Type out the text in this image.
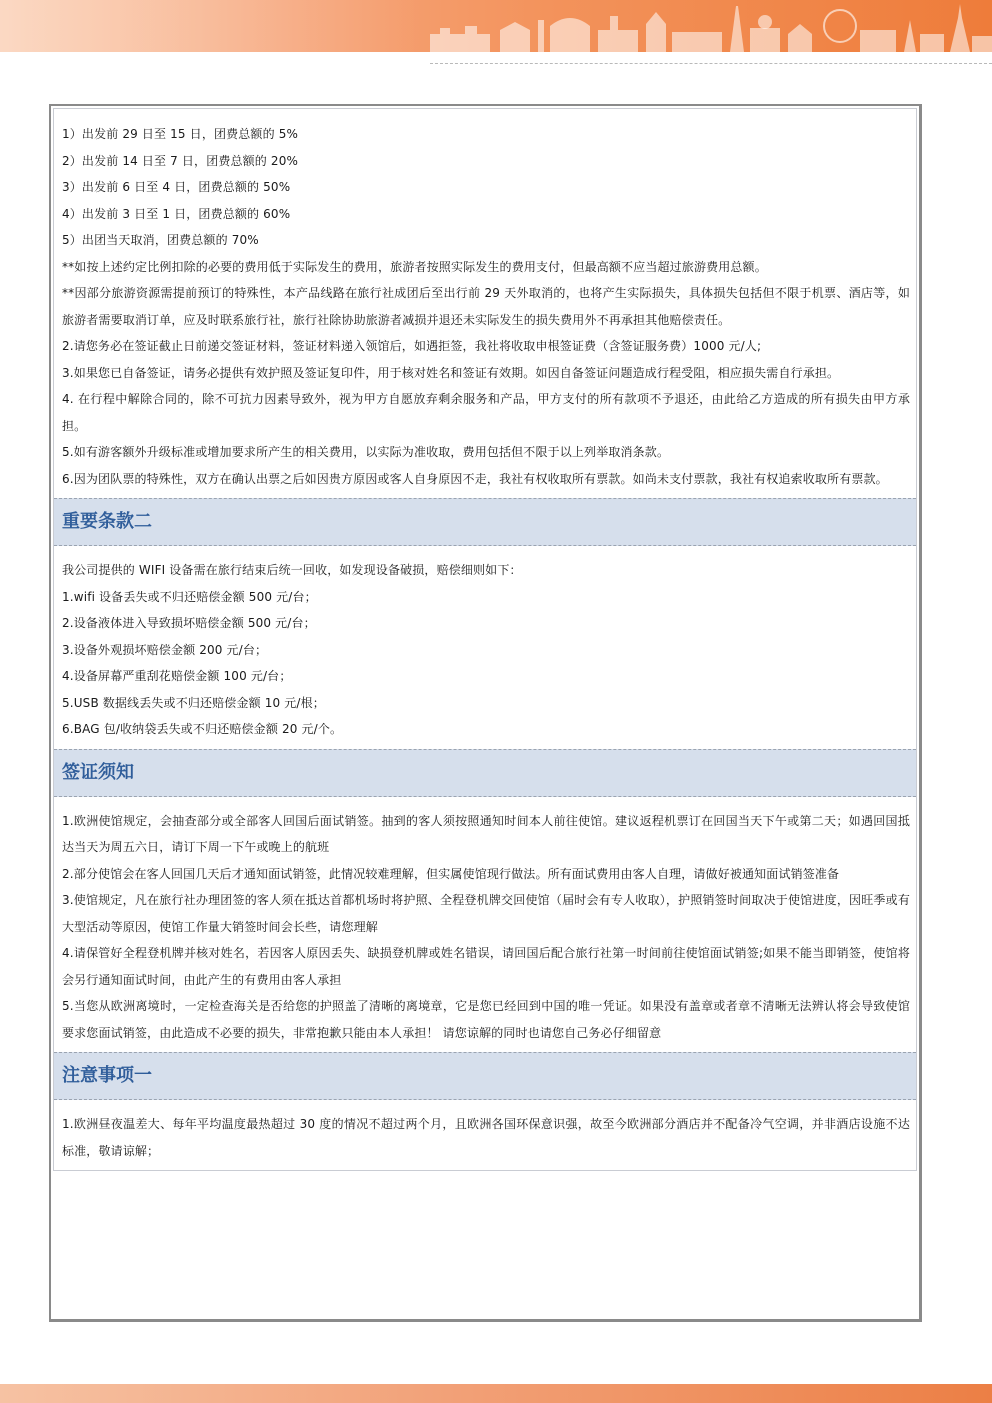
1）出发前 29 日至 15 日，团费总额的 5%

2）出发前 14 日至 7 日，团费总额的 20%

3）出发前 6 日至 4 日，团费总额的 50%

4）出发前 3 日至 1 日，团费总额的 60%

5）出团当天取消，团费总额的 70%

**如按上述约定比例扣除的必要的费用低于实际发生的费用，旅游者按照实际发生的费用支付，但最高额不应当超过旅游费用总额。

**因部分旅游资源需提前预订的特殊性，本产品线路在旅行社成团后至出行前 29 天外取消的，也将产生实际损失，具体损失包括但不限于机票、酒店等，如旅游者需要取消订单，应及时联系旅行社，旅行社除协助旅游者减损并退还未实际发生的损失费用外不再承担其他赔偿责任。

2.请您务必在签证截止日前递交签证材料，签证材料递入领馆后，如遇拒签，我社将收取申根签证费（含签证服务费）1000 元/人;

3.如果您已自备签证，请务必提供有效护照及签证复印件，用于核对姓名和签证有效期。如因自备签证问题造成行程受阻，相应损失需自行承担。

4. 在行程中解除合同的，除不可抗力因素导致外，视为甲方自愿放弃剩余服务和产品，甲方支付的所有款项不予退还，由此给乙方造成的所有损失由甲方承担。

5.如有游客额外升级标准或增加要求所产生的相关费用，以实际为准收取，费用包括但不限于以上列举取消条款。

6.因为团队票的特殊性，双方在确认出票之后如因贵方原因或客人自身原因不走，我社有权收取所有票款。如尚未支付票款，我社有权追索收取所有票款。

重要条款二

我公司提供的 WIFI 设备需在旅行结束后统一回收，如发现设备破损，赔偿细则如下：

1.wifi 设备丢失或不归还赔偿金额 500 元/台；

2.设备液体进入导致损坏赔偿金额 500 元/台；

3.设备外观损坏赔偿金额 200 元/台；

4.设备屏幕严重刮花赔偿金额 100 元/台；

5.USB 数据线丢失或不归还赔偿金额 10 元/根；

6.BAG 包/收纳袋丢失或不归还赔偿金额 20 元/个。

签证须知

1.欧洲使馆规定，会抽查部分或全部客人回国后面试销签。抽到的客人须按照通知时间本人前往使馆。建议返程机票订在回国当天下午或第二天；如遇回国抵达当天为周五六日，请订下周一下午或晚上的航班

2.部分使馆会在客人回国几天后才通知面试销签，此情况较难理解，但实属使馆现行做法。所有面试费用由客人自理，请做好被通知面试销签准备

3.使馆规定，凡在旅行社办理团签的客人须在抵达首都机场时将护照、全程登机牌交回使馆（届时会有专人收取），护照销签时间取决于使馆进度，因旺季或有大型活动等原因，使馆工作量大销签时间会长些，请您理解

4.请保管好全程登机牌并核对姓名，若因客人原因丢失、缺损登机牌或姓名错误，请回国后配合旅行社第一时间前往使馆面试销签;如果不能当即销签，使馆将会另行通知面试时间，由此产生的有费用由客人承担

5.当您从欧洲离境时，一定检查海关是否给您的护照盖了清晰的离境章，它是您已经回到中国的唯一凭证。如果没有盖章或者章不清晰无法辨认将会导致使馆要求您面试销签，由此造成不必要的损失，非常抱歉只能由本人承担！ 请您谅解的同时也请您自己务必仔细留意

注意事项一

1.欧洲昼夜温差大、每年平均温度最热超过 30 度的情况不超过两个月，且欧洲各国环保意识强，故至今欧洲部分酒店并不配备冷气空调，并非酒店设施不达标准，敬请谅解；
